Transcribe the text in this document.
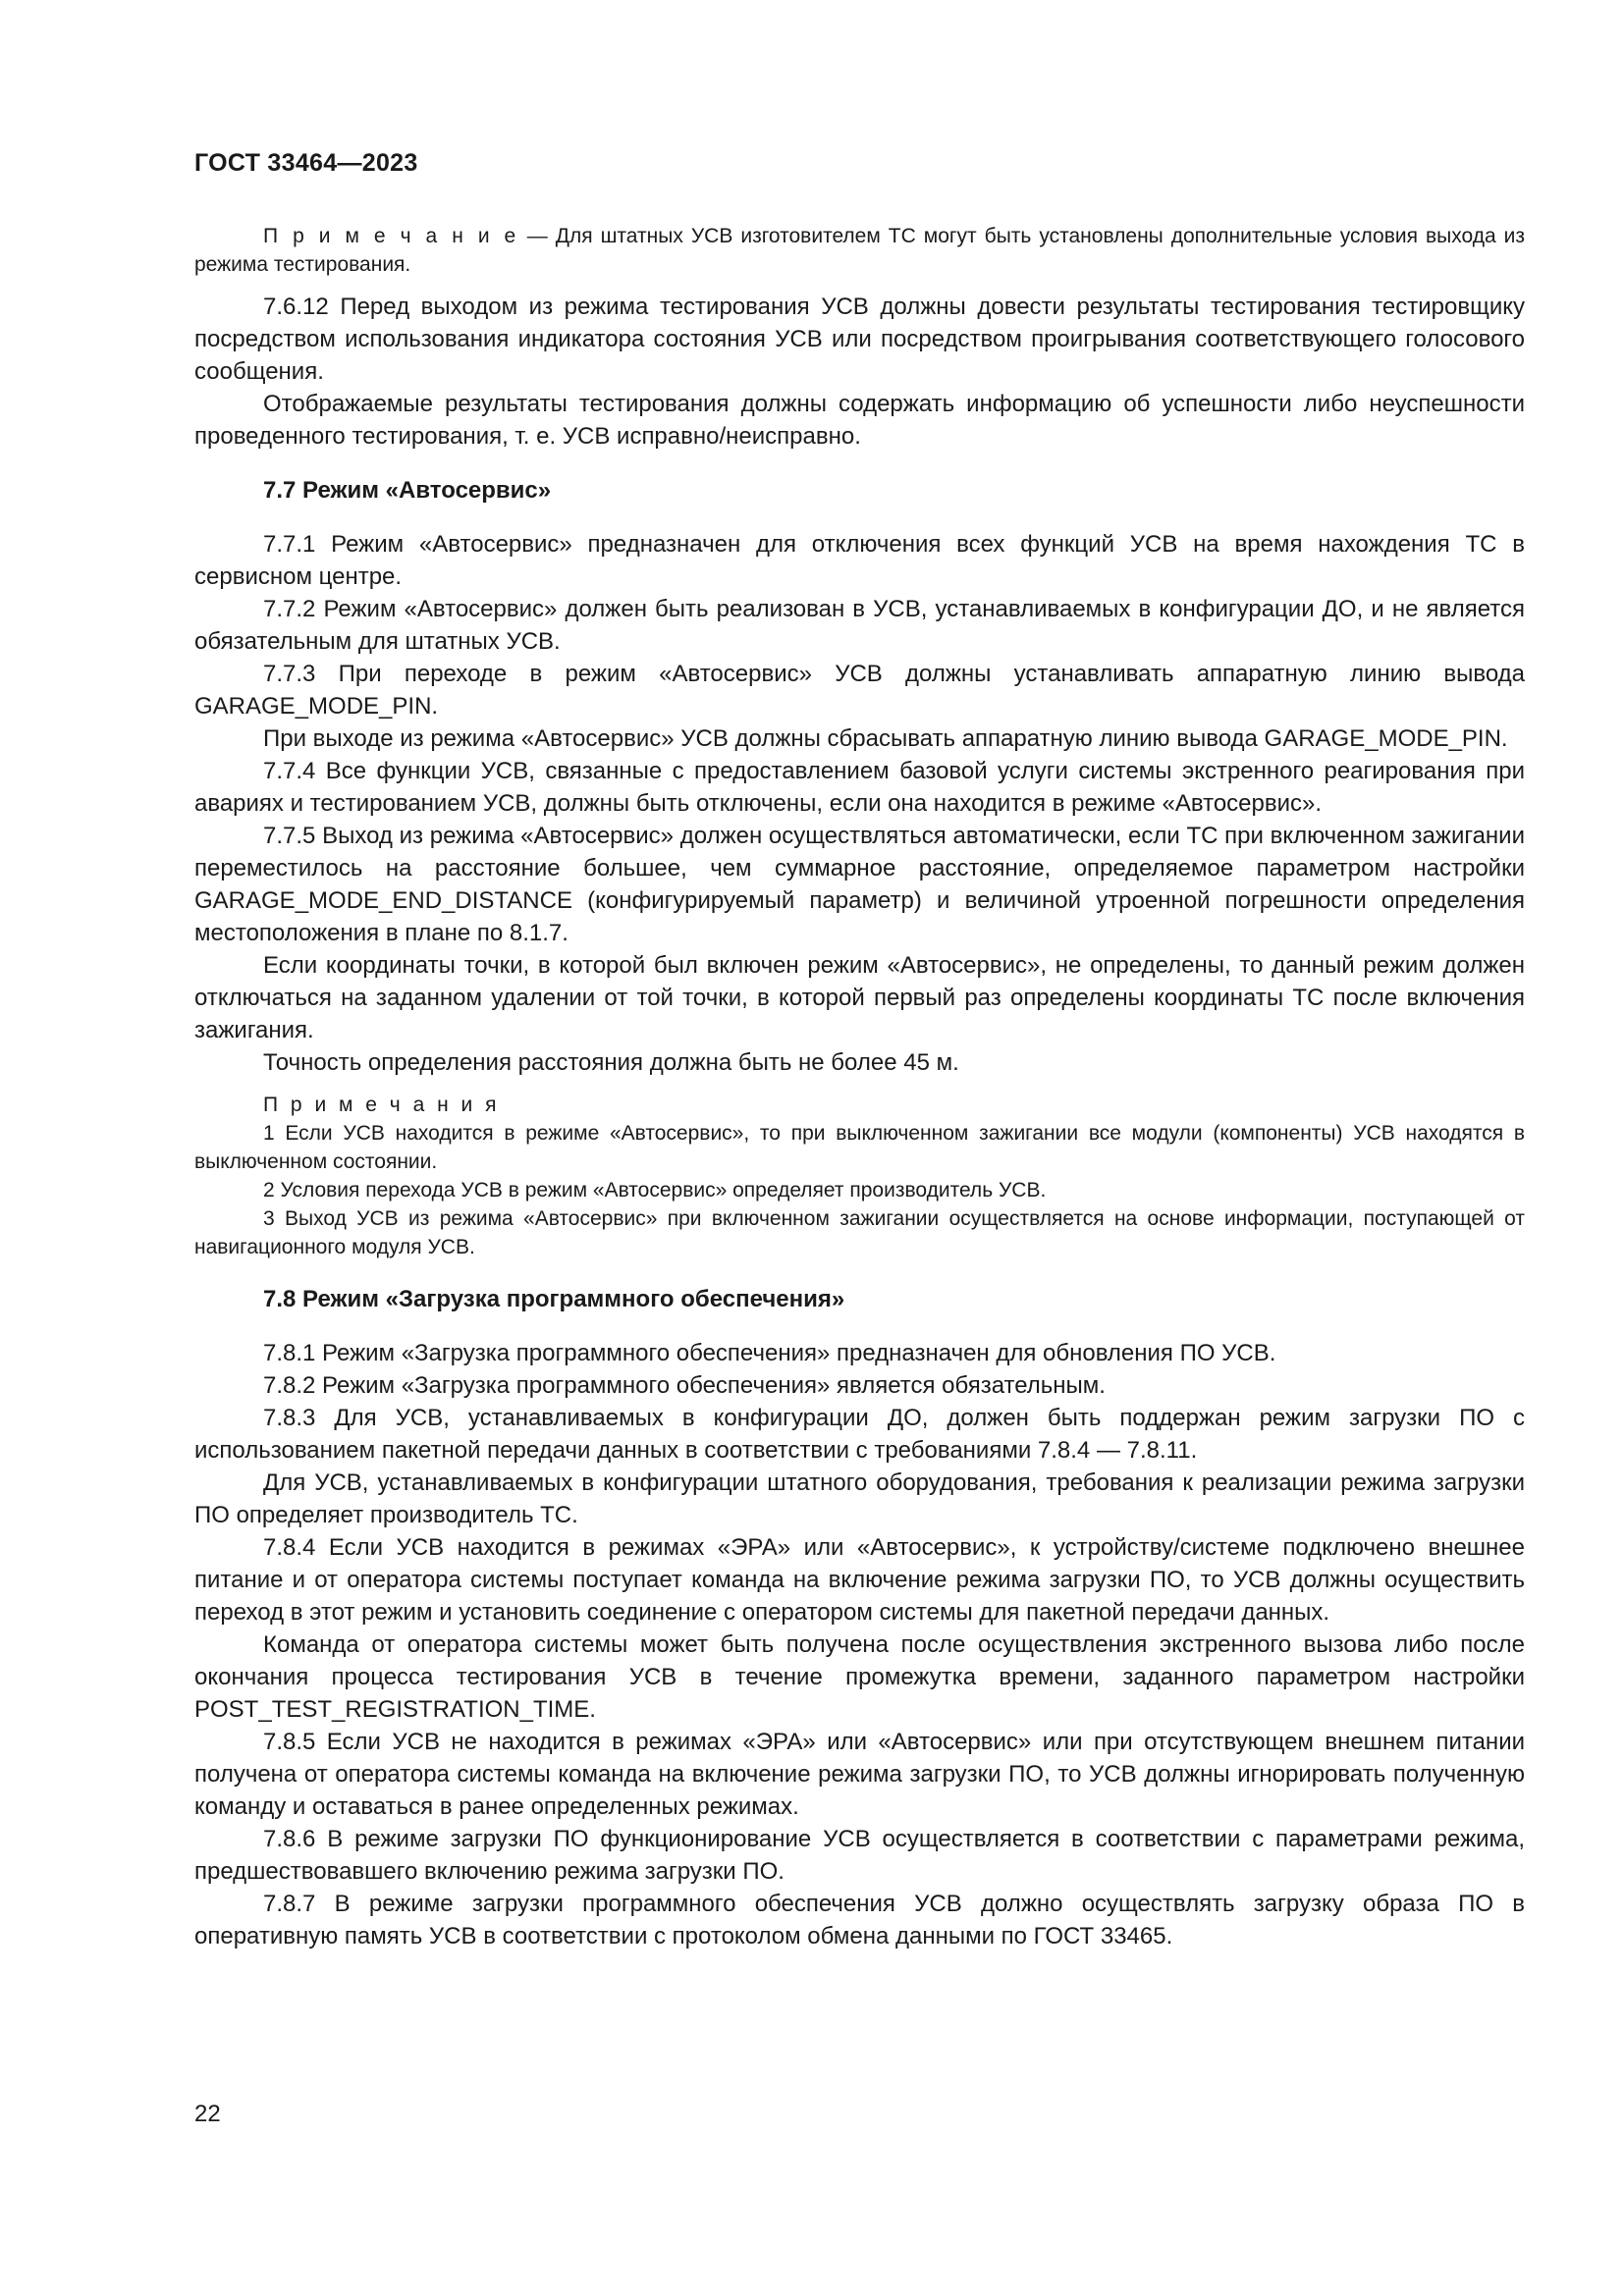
ГОСТ 33464—2023

П р и м е ч а н и е — Для штатных УСВ изготовителем ТС могут быть установлены дополнительные условия выхода из режима тестирования.

7.6.12 Перед выходом из режима тестирования УСВ должны довести результаты тестирования тестировщику посредством использования индикатора состояния УСВ или посредством проигрывания соответствующего голосового сообщения.

Отображаемые результаты тестирования должны содержать информацию об успешности либо неуспешности проведенного тестирования, т. е. УСВ исправно/неисправно.

7.7 Режим «Автосервис»

7.7.1 Режим «Автосервис» предназначен для отключения всех функций УСВ на время нахождения ТС в сервисном центре.

7.7.2 Режим «Автосервис» должен быть реализован в УСВ, устанавливаемых в конфигурации ДО, и не является обязательным для штатных УСВ.

7.7.3 При переходе в режим «Автосервис» УСВ должны устанавливать аппаратную линию вывода GARAGE_MODE_PIN.

При выходе из режима «Автосервис» УСВ должны сбрасывать аппаратную линию вывода GARAGE_MODE_PIN.

7.7.4 Все функции УСВ, связанные с предоставлением базовой услуги системы экстренного реагирования при авариях и тестированием УСВ, должны быть отключены, если она находится в режиме «Автосервис».

7.7.5 Выход из режима «Автосервис» должен осуществляться автоматически, если ТС при включенном зажигании переместилось на расстояние большее, чем суммарное расстояние, определяемое параметром настройки GARAGE_MODE_END_DISTANCE (конфигурируемый параметр) и величиной утроенной погрешности определения местоположения в плане по 8.1.7.

Если координаты точки, в которой был включен режим «Автосервис», не определены, то данный режим должен отключаться на заданном удалении от той точки, в которой первый раз определены координаты ТС после включения зажигания.

Точность определения расстояния должна быть не более 45 м.

П р и м е ч а н и я

1 Если УСВ находится в режиме «Автосервис», то при выключенном зажигании все модули (компоненты) УСВ находятся в выключенном состоянии.

2 Условия перехода УСВ в режим «Автосервис» определяет производитель УСВ.

3 Выход УСВ из режима «Автосервис» при включенном зажигании осуществляется на основе информации, поступающей от навигационного модуля УСВ.

7.8 Режим «Загрузка программного обеспечения»

7.8.1 Режим «Загрузка программного обеспечения» предназначен для обновления ПО УСВ.

7.8.2 Режим «Загрузка программного обеспечения» является обязательным.

7.8.3 Для УСВ, устанавливаемых в конфигурации ДО, должен быть поддержан режим загрузки ПО с использованием пакетной передачи данных в соответствии с требованиями 7.8.4 — 7.8.11.

Для УСВ, устанавливаемых в конфигурации штатного оборудования, требования к реализации режима загрузки ПО определяет производитель ТС.

7.8.4 Если УСВ находится в режимах «ЭРА» или «Автосервис», к устройству/системе подключено внешнее питание и от оператора системы поступает команда на включение режима загрузки ПО, то УСВ должны осуществить переход в этот режим и установить соединение с оператором системы для пакетной передачи данных.

Команда от оператора системы может быть получена после осуществления экстренного вызова либо после окончания процесса тестирования УСВ в течение промежутка времени, заданного параметром настройки POST_TEST_REGISTRATION_TIME.

7.8.5 Если УСВ не находится в режимах «ЭРА» или «Автосервис» или при отсутствующем внешнем питании получена от оператора системы команда на включение режима загрузки ПО, то УСВ должны игнорировать полученную команду и оставаться в ранее определенных режимах.

7.8.6 В режиме загрузки ПО функционирование УСВ осуществляется в соответствии с параметрами режима, предшествовавшего включению режима загрузки ПО.

7.8.7 В режиме загрузки программного обеспечения УСВ должно осуществлять загрузку образа ПО в оперативную память УСВ в соответствии с протоколом обмена данными по ГОСТ 33465.

22
